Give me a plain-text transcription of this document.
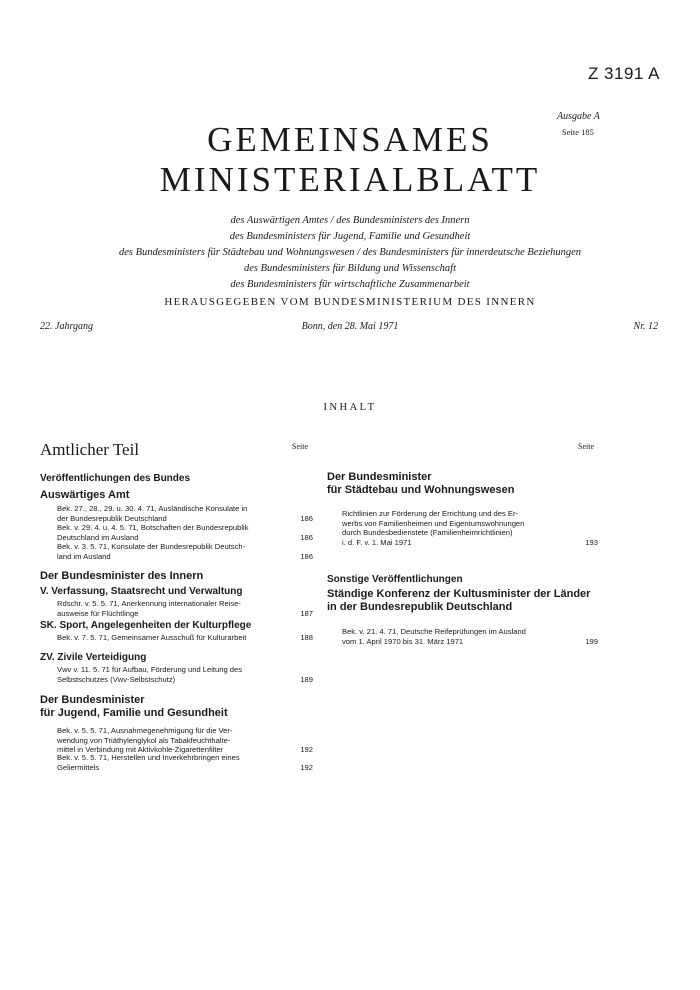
Z 3191 A
Ausgabe A
Seite 185
GEMEINSAMES
MINISTERIALBLATT
des Auswärtigen Amtes / des Bundesministers des Innern
des Bundesministers für Jugend, Familie und Gesundheit
des Bundesministers für Städtebau und Wohnungswesen / des Bundesministers für innerdeutsche Beziehungen
des Bundesministers für Bildung und Wissenschaft
des Bundesministers für wirtschaftliche Zusammenarbeit
HERAUSGEGEBEN VOM BUNDESMINISTERIUM DES INNERN
22. Jahrgang	Bonn, den 28. Mai 1971	Nr. 12
INHALT
Amtlicher Teil	Seite	Seite
Veröffentlichungen des Bundes
Auswärtiges Amt
Bek. 27., 28., 29. u. 30. 4. 71, Ausländische Konsulate in
der Bundesrepublik Deutschland	186
Bek. v. 29. 4. u. 4. 5. 71, Botschaften der Bundesrepublik
Deutschland im Ausland	186
Bek. v. 3. 5. 71, Konsulate der Bundesrepublik Deutsch-
land im Ausland	186
Der Bundesminister des Innern
V. Verfassung, Staatsrecht und Verwaltung
Rdschr. v. 5. 5. 71, Anerkennung internationaler Reise-
ausweise für Flüchtlinge	187
SK. Sport, Angelegenheiten der Kulturpflege
Bek. v. 7. 5. 71, Gemeinsamer Ausschuß für Kulturarbeit	188
ZV. Zivile Verteidigung
Vwv v. 11. 5. 71 für Aufbau, Förderung und Leitung des
Selbstschutzes (Vwv-Selbstschutz)	189
Der Bundesminister
für Jugend, Familie und Gesundheit
Bek. v. 5. 5. 71, Ausnahmegenehmigung für die Ver-
wendung von Triäthylenglykol als Tabakfeuchthalte-
mittel in Verbindung mit Aktivkohle-Zigarettenfilter	192
Bek. v. 5. 5. 71, Herstellen und Inverkehrbringen eines
Geliermittels	192
Der Bundesminister
für Städtebau und Wohnungswesen
Richtlinien zur Förderung der Errichtung und des Er-
werbs von Familienheimen und Eigentumswohnungen
durch Bundesbedienstete (Familienheimrichtlinien)
i. d. F. v. 1. Mai 1971	193
Sonstige Veröffentlichungen
Ständige Konferenz der Kultusminister der Länder
in der Bundesrepublik Deutschland
Bek. v. 21. 4. 71, Deutsche Reifeprüfungen im Ausland
vom 1. April 1970 bis 31. März 1971	199
